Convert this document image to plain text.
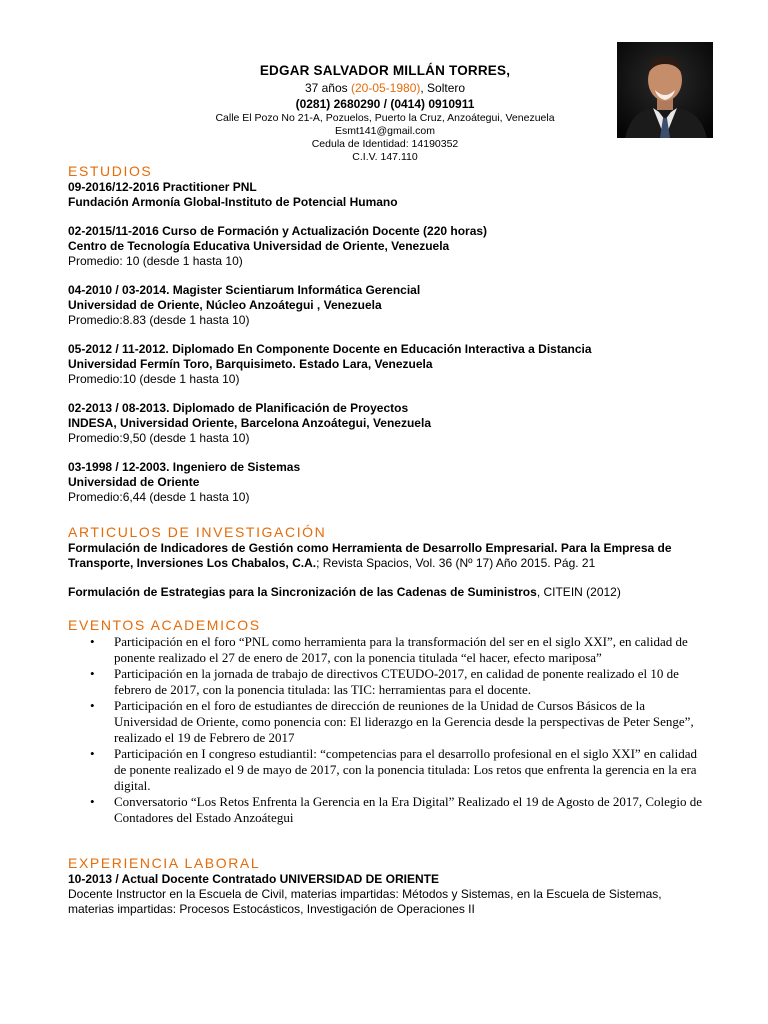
EDGAR SALVADOR MILLÁN TORRES,
37 años (20-05-1980), Soltero
(0281) 2680290 / (0414) 0910911
Calle El Pozo No 21-A, Pozuelos, Puerto la Cruz, Anzoátegui, Venezuela
Esmt141@gmail.com
Cedula de Identidad: 14190352
C.I.V. 147.110
ESTUDIOS
09-2016/12-2016 Practitioner PNL
Fundación Armonía Global-Instituto de Potencial Humano
02-2015/11-2016 Curso de Formación y Actualización Docente (220 horas)
Centro de Tecnología Educativa Universidad de Oriente, Venezuela
Promedio: 10 (desde 1 hasta 10)
04-2010 / 03-2014. Magister Scientiarum Informática Gerencial
Universidad de Oriente, Núcleo Anzoátegui , Venezuela
Promedio:8.83 (desde 1 hasta 10)
05-2012 / 11-2012. Diplomado En Componente Docente en Educación Interactiva a Distancia
Universidad Fermín Toro, Barquisimeto. Estado Lara, Venezuela
Promedio:10 (desde 1 hasta 10)
02-2013 / 08-2013. Diplomado de Planificación de Proyectos
INDESA, Universidad Oriente, Barcelona Anzoátegui, Venezuela
Promedio:9,50 (desde 1 hasta 10)
03-1998 / 12-2003. Ingeniero de Sistemas
Universidad de Oriente
Promedio:6,44 (desde 1 hasta 10)
ARTICULOS DE INVESTIGACIÓN
Formulación de Indicadores de Gestión como Herramienta de Desarrollo Empresarial. Para la Empresa de Transporte, Inversiones Los Chabalos, C.A.; Revista Spacios, Vol. 36 (Nº 17) Año 2015. Pág. 21
Formulación de Estrategias para la Sincronización de las Cadenas de Suministros, CITEIN (2012)
EVENTOS ACADEMICOS
• Participación en el foro “PNL como herramienta para la transformación del ser en el siglo XXI”, en calidad de ponente realizado el 27 de enero de 2017, con la ponencia titulada “el hacer, efecto mariposa”
• Participación en la jornada de trabajo de directivos CTEUDO-2017, en calidad de ponente realizado el 10 de febrero de 2017, con la ponencia titulada: las TIC: herramientas para el docente.
• Participación en el foro de estudiantes de dirección de reuniones de la Unidad de Cursos Básicos de la Universidad de Oriente, como ponencia con: El liderazgo en la Gerencia desde la perspectivas de Peter Senge”, realizado el 19 de Febrero de 2017
• Participación en I congreso estudiantil: “competencias para el desarrollo profesional en el siglo XXI” en calidad de ponente realizado el 9 de mayo de 2017, con la ponencia titulada: Los retos que enfrenta la gerencia en la era digital.
• Conversatorio “Los Retos Enfrenta la Gerencia en la Era Digital” Realizado el 19 de Agosto de 2017, Colegio de Contadores del Estado Anzoátegui
EXPERIENCIA LABORAL
10-2013 / Actual Docente Contratado UNIVERSIDAD DE ORIENTE
Docente Instructor en la Escuela de Civil, materias impartidas: Métodos y Sistemas, en la Escuela de Sistemas, materias impartidas: Procesos Estocásticos, Investigación de Operaciones II
